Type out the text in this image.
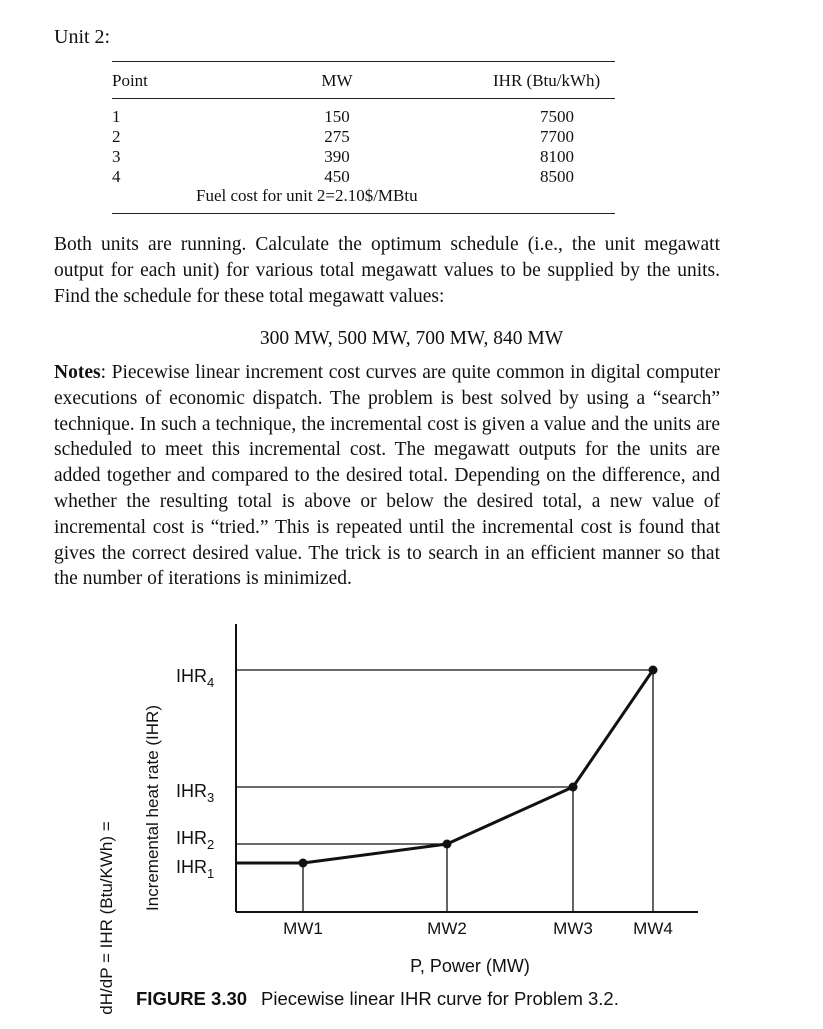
Unit 2:
Point	MW	IHR (Btu/kWh)
1	150	7500
2	275	7700
3	390	8100
4	450	8500
Fuel cost for unit 2=2.10$/MBtu
Both units are running. Calculate the optimum schedule (i.e., the unit megawatt output for each unit) for various total megawatt values to be supplied by the units. Find the schedule for these total megawatt values:
300 MW, 500 MW, 700 MW, 840 MW
Notes: Piecewise linear increment cost curves are quite common in digital computer executions of economic dispatch. The problem is best solved by using a “search” technique. In such a technique, the incremental cost is given a value and the units are scheduled to meet this incremental cost. The megawatt outputs for the units are added together and compared to the desired total. Depending on the difference, and whether the resulting total is above or below the desired total, a new value of incremental cost is “tried.” This is repeated until the incremental cost is found that gives the correct desired value. The trick is to search in an efficient manner so that the number of iterations is minimized.
dH/dP = IHR (Btu/KWh) =
Incremental heat rate (IHR) $IHR_1$
$IHR_2$
$IHR_3$
$IHR_4$
MW1	MW2	MW3 MW4
P, Power (MW)
FIGURE 3.30 Piecewise linear IHR curve for Problem 3.2.
